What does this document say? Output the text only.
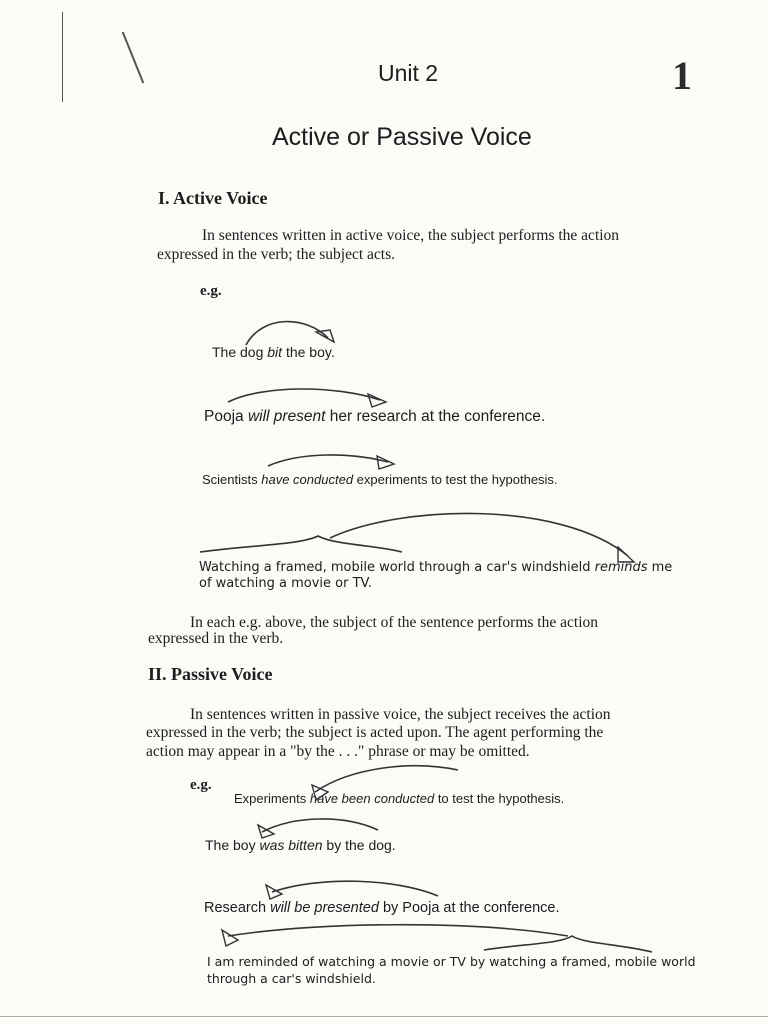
Unit 2	1
Active or Passive Voice
I. Active Voice
In sentences written in active voice, the subject performs the action
expressed in the verb; the subject acts.
e.g.
The dog bit the boy.
Pooja will present her research at the conference.
Scientists have conducted experiments to test the hypothesis.
Watching a framed, mobile world through a car's windshield reminds me
of watching a movie or TV.
In each e.g. above, the subject of the sentence performs the action
expressed in the verb.
II. Passive Voice
In sentences written in passive voice, the subject receives the action
expressed in the verb; the subject is acted upon. The agent performing the
action may appear in a "by the . . ." phrase or may be omitted.
e.g.
Experiments have been conducted to test the hypothesis.
The boy was bitten by the dog.
Research will be presented by Pooja at the conference.
I am reminded of watching a movie or TV by watching a framed, mobile world
through a car's windshield.
